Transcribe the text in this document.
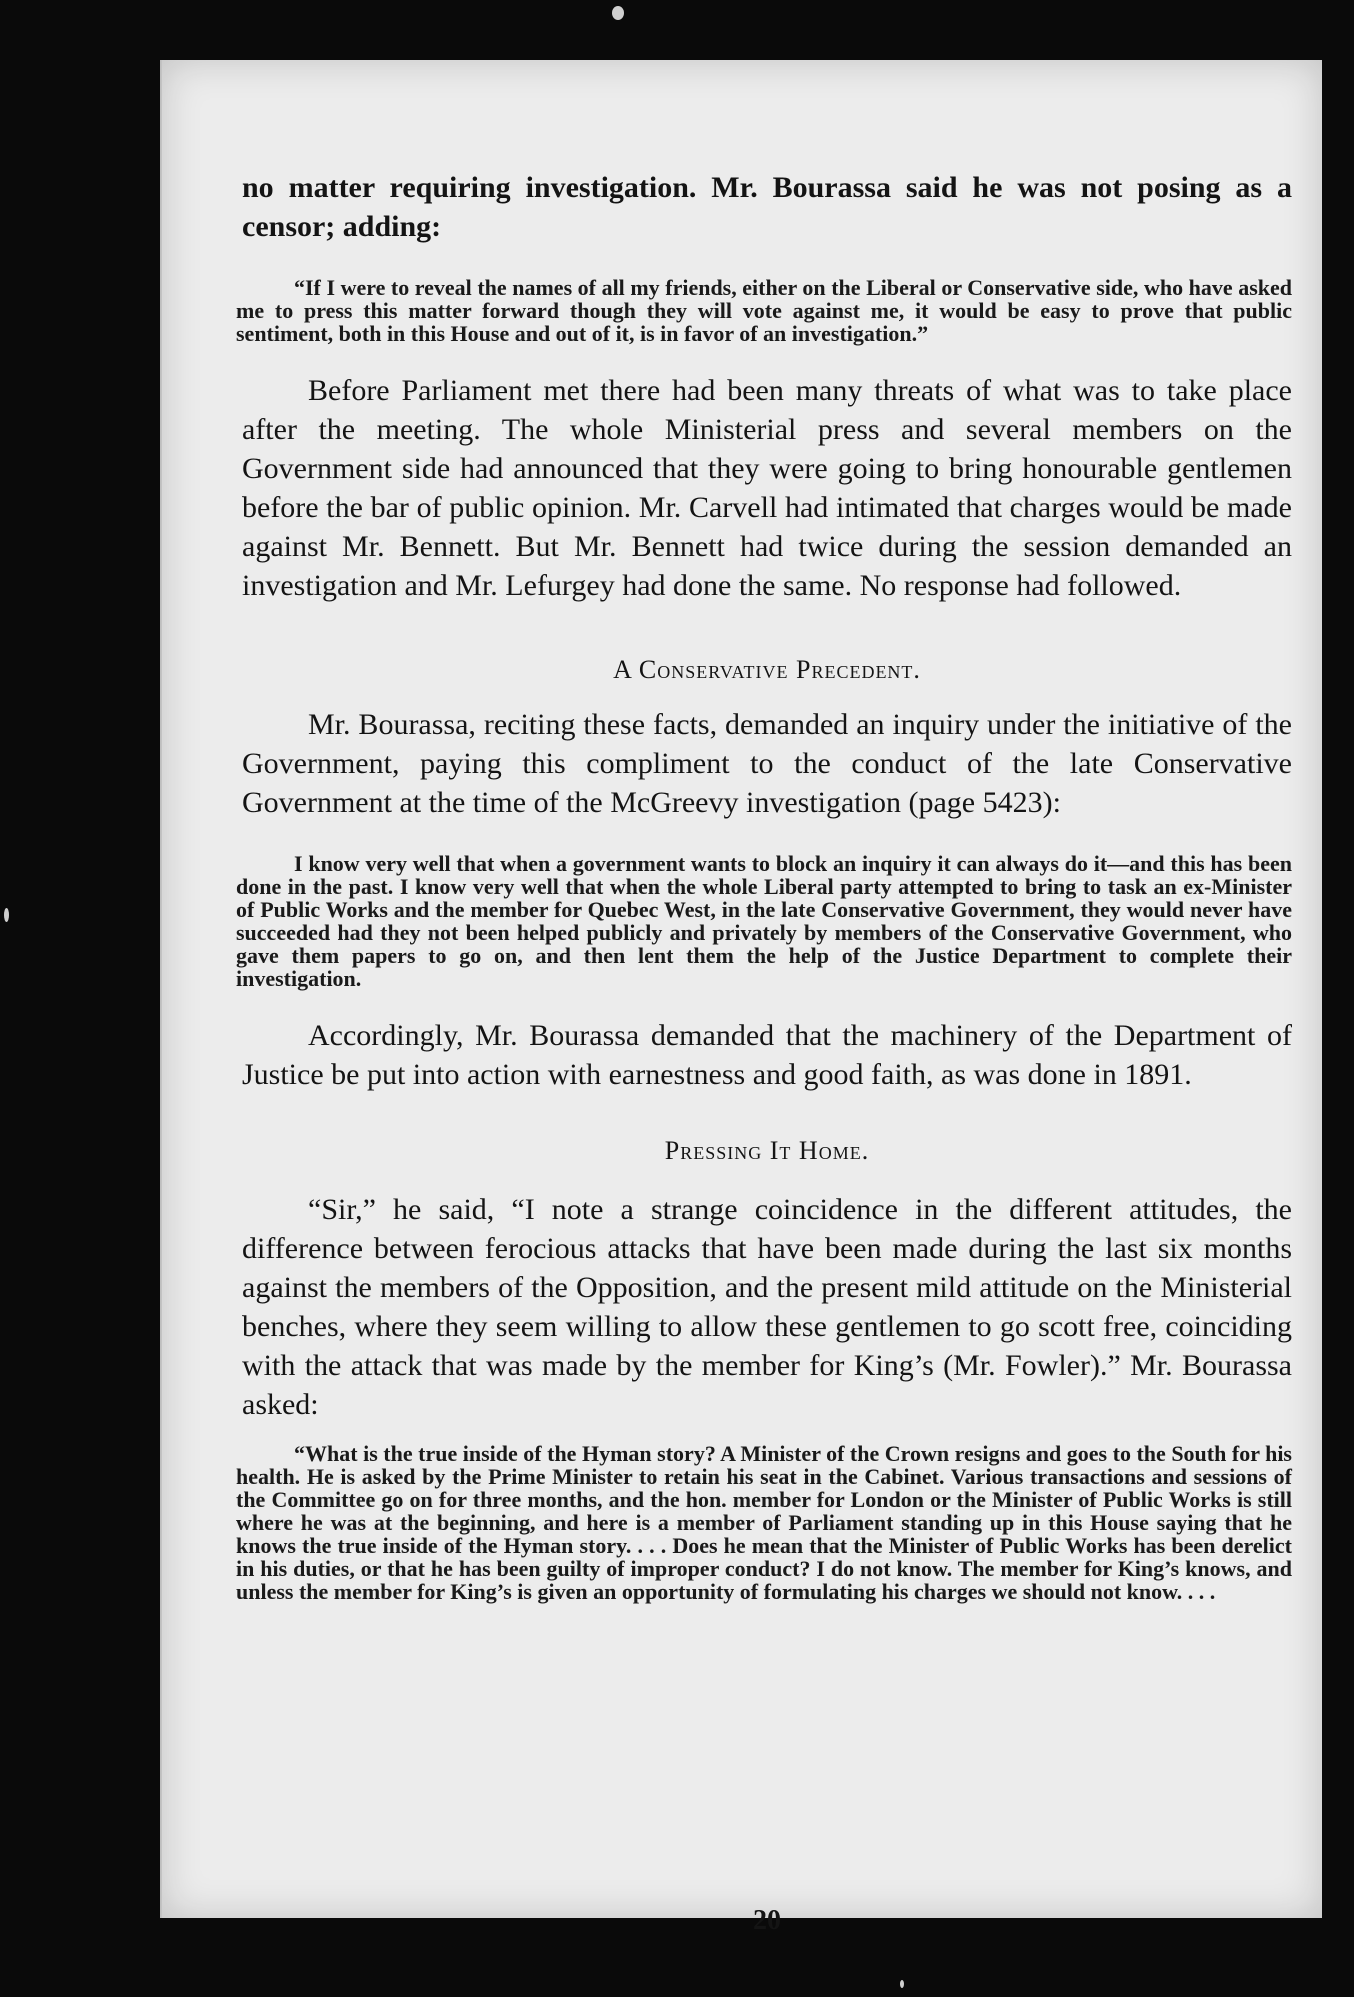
no matter requiring investigation. Mr. Bourassa said he was not posing as a censor; adding:

“If I were to reveal the names of all my friends, either on the Liberal or Conservative side, who have asked me to press this matter forward though they will vote against me, it would be easy to prove that public sentiment, both in this House and out of it, is in favor of an investigation.”

Before Parliament met there had been many threats of what was to take place after the meeting. The whole Ministerial press and several members on the Government side had announced that they were going to bring honourable gentlemen before the bar of public opinion. Mr. Carvell had intimated that charges would be made against Mr. Bennett. But Mr. Bennett had twice during the session demanded an investigation and Mr. Lefurgey had done the same. No response had followed.

A Conservative Precedent.

Mr. Bourassa, reciting these facts, demanded an inquiry under the initiative of the Government, paying this compliment to the conduct of the late Conservative Government at the time of the McGreevy investigation (page 5423):

I know very well that when a government wants to block an inquiry it can always do it—and this has been done in the past. I know very well that when the whole Liberal party attempted to bring to task an ex-Minister of Public Works and the member for Quebec West, in the late Conservative Government, they would never have succeeded had they not been helped publicly and privately by members of the Conservative Government, who gave them papers to go on, and then lent them the help of the Justice Department to complete their investigation.

Accordingly, Mr. Bourassa demanded that the machinery of the Department of Justice be put into action with earnestness and good faith, as was done in 1891.

Pressing It Home.

“Sir,” he said, “I note a strange coincidence in the different attitudes, the difference between ferocious attacks that have been made during the last six months against the members of the Opposition, and the present mild attitude on the Ministerial benches, where they seem willing to allow these gentlemen to go scott free, coinciding with the attack that was made by the member for King’s (Mr. Fowler).” Mr. Bourassa asked:

“What is the true inside of the Hyman story? A Minister of the Crown resigns and goes to the South for his health. He is asked by the Prime Minister to retain his seat in the Cabinet. Various transactions and sessions of the Committee go on for three months, and the hon. member for London or the Minister of Public Works is still where he was at the beginning, and here is a member of Parliament standing up in this House saying that he knows the true inside of the Hyman story. . . . Does he mean that the Minister of Public Works has been derelict in his duties, or that he has been guilty of improper conduct? I do not know. The member for King’s knows, and unless the member for King’s is given an opportunity of formulating his charges we should not know. . . .

20
